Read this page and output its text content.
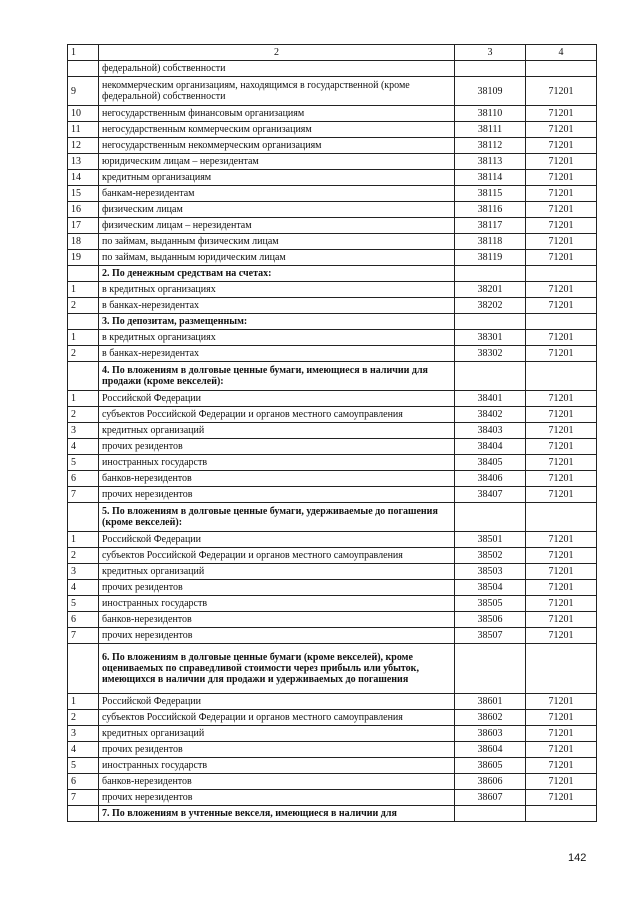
1	2	3	4
	федеральной) собственности		
9	некоммерческим организациям, находящимся в государственной (кроме федеральной) собственности	38109	71201
10	негосударственным финансовым организациям	38110	71201
11	негосударственным коммерческим организациям	38111	71201
12	негосударственным некоммерческим организациям	38112	71201
13	юридическим лицам – нерезидентам	38113	71201
14	кредитным организациям	38114	71201
15	банкам-нерезидентам	38115	71201
16	физическим лицам	38116	71201
17	физическим лицам – нерезидентам	38117	71201
18	по займам, выданным физическим лицам	38118	71201
19	по займам, выданным юридическим лицам	38119	71201
	2. По денежным средствам на счетах:		
1	в кредитных организациях	38201	71201
2	в банках-нерезидентах	38202	71201
	3. По депозитам, размещенным:		
1	в кредитных организациях	38301	71201
2	в банках-нерезидентах	38302	71201
	4. По вложениям в долговые ценные бумаги, имеющиеся в наличии для продажи (кроме векселей):		
1	Российской Федерации	38401	71201
2	субъектов Российской Федерации и органов местного самоуправления	38402	71201
3	кредитных организаций	38403	71201
4	прочих резидентов	38404	71201
5	иностранных государств	38405	71201
6	банков-нерезидентов	38406	71201
7	прочих нерезидентов	38407	71201
	5. По вложениям в долговые ценные бумаги, удерживаемые до погашения (кроме векселей):		
1	Российской Федерации	38501	71201
2	субъектов Российской Федерации и органов местного самоуправления	38502	71201
3	кредитных организаций	38503	71201
4	прочих резидентов	38504	71201
5	иностранных государств	38505	71201
6	банков-нерезидентов	38506	71201
7	прочих нерезидентов	38507	71201
	6. По вложениям в долговые ценные бумаги (кроме векселей), кроме оцениваемых по справедливой стоимости через прибыль или убыток, имеющихся в наличии для продажи и удерживаемых до погашения		
1	Российской Федерации	38601	71201
2	субъектов Российской Федерации и органов местного самоуправления	38602	71201
3	кредитных организаций	38603	71201
4	прочих резидентов	38604	71201
5	иностранных государств	38605	71201
6	банков-нерезидентов	38606	71201
7	прочих нерезидентов	38607	71201
	7. По вложениям в учтенные векселя, имеющиеся в наличии для		
142
